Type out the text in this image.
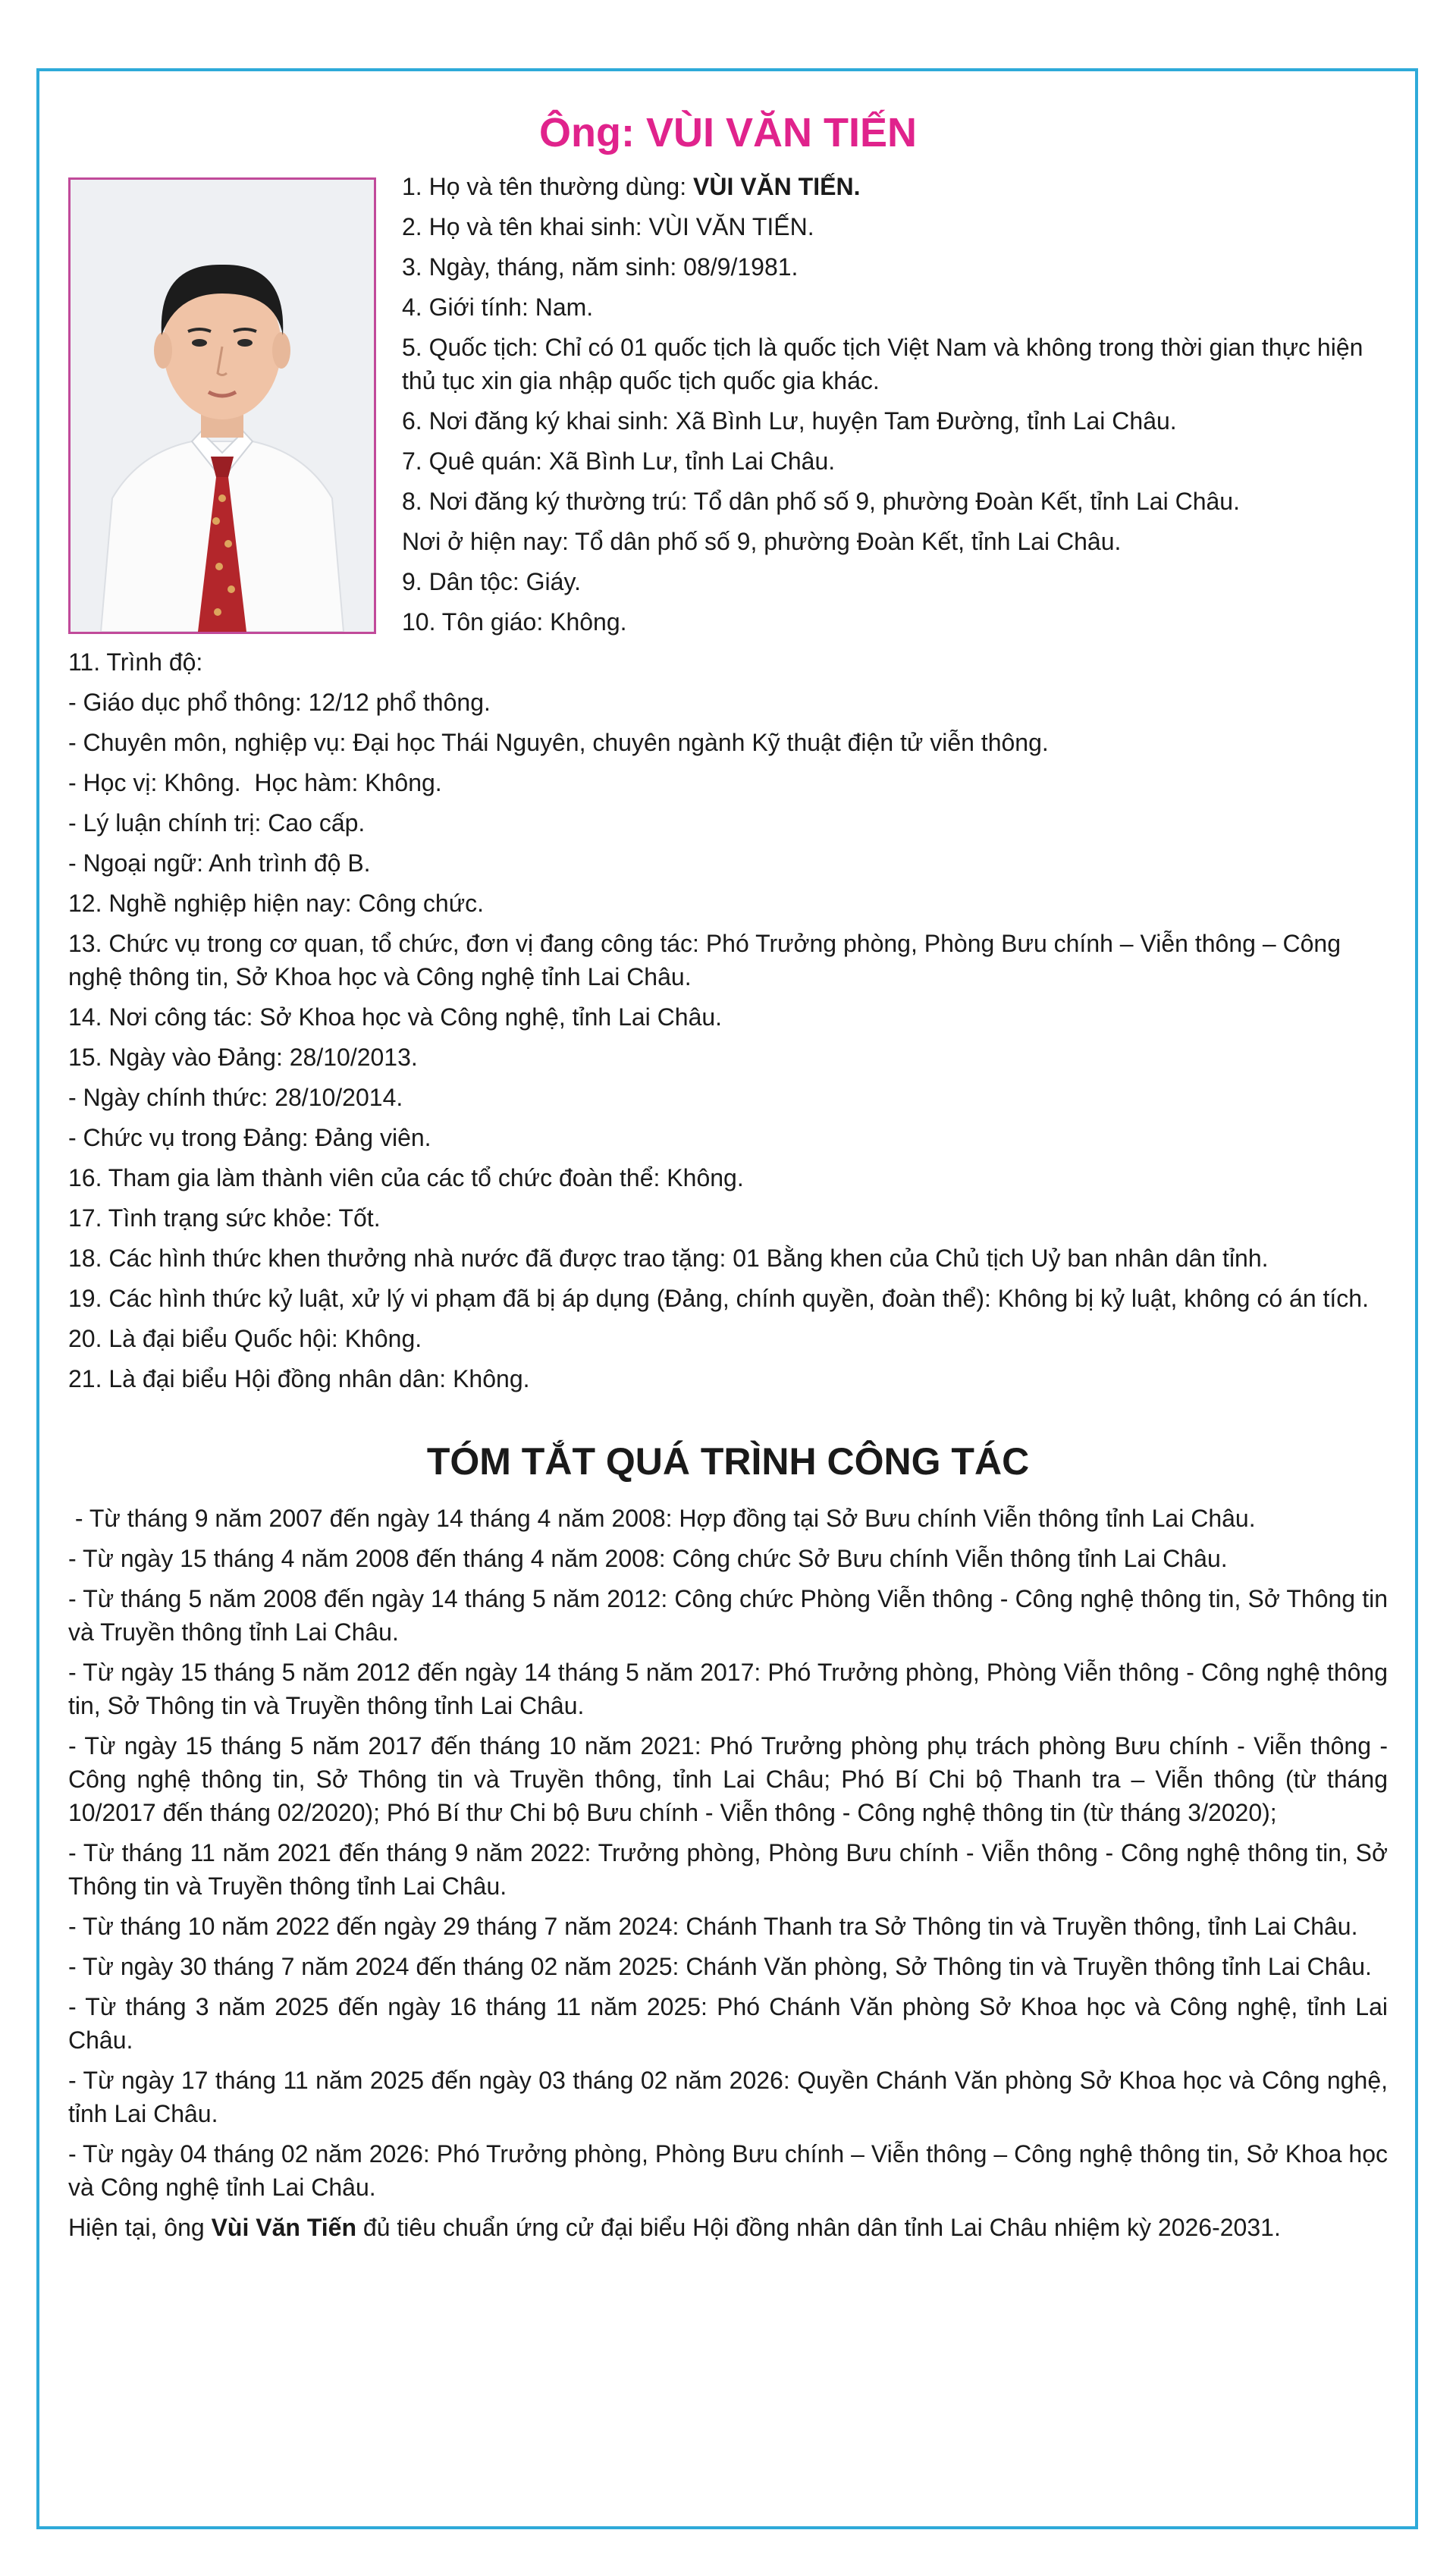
Ông: VÙI VĂN TIẾN
1. Họ và tên thường dùng: VÙI VĂN TIẾN.
2. Họ và tên khai sinh: VÙI VĂN TIẾN.
3. Ngày, tháng, năm sinh: 08/9/1981.
4. Giới tính: Nam.
5. Quốc tịch: Chỉ có 01 quốc tịch là quốc tịch Việt Nam và không trong thời gian thực hiện thủ tục xin gia nhập quốc tịch quốc gia khác.
6. Nơi đăng ký khai sinh: Xã Bình Lư, huyện Tam Đường, tỉnh Lai Châu.
7. Quê quán: Xã Bình Lư, tỉnh Lai Châu.
8. Nơi đăng ký thường trú: Tổ dân phố số 9, phường Đoàn Kết, tỉnh Lai Châu.
Nơi ở hiện nay: Tổ dân phố số 9, phường Đoàn Kết, tỉnh Lai Châu.
9. Dân tộc: Giáy.
10. Tôn giáo: Không.
11. Trình độ:
- Giáo dục phổ thông: 12/12 phổ thông.
- Chuyên môn, nghiệp vụ: Đại học Thái Nguyên, chuyên ngành Kỹ thuật điện tử viễn thông.
- Học vị: Không.  Học hàm: Không.
- Lý luận chính trị: Cao cấp.
- Ngoại ngữ: Anh trình độ B.
12. Nghề nghiệp hiện nay: Công chức.
13. Chức vụ trong cơ quan, tổ chức, đơn vị đang công tác: Phó Trưởng phòng, Phòng Bưu chính – Viễn thông – Công nghệ thông tin, Sở Khoa học và Công nghệ tỉnh Lai Châu.
14. Nơi công tác: Sở Khoa học và Công nghệ, tỉnh Lai Châu.
15. Ngày vào Đảng: 28/10/2013.
- Ngày chính thức: 28/10/2014.
- Chức vụ trong Đảng: Đảng viên.
16. Tham gia làm thành viên của các tổ chức đoàn thể: Không.
17. Tình trạng sức khỏe: Tốt.
18. Các hình thức khen thưởng nhà nước đã được trao tặng: 01 Bằng khen của Chủ tịch Uỷ ban nhân dân tỉnh.
19. Các hình thức kỷ luật, xử lý vi phạm đã bị áp dụng (Đảng, chính quyền, đoàn thể): Không bị kỷ luật, không có án tích.
20. Là đại biểu Quốc hội: Không.
21. Là đại biểu Hội đồng nhân dân: Không.
TÓM TẮT QUÁ TRÌNH CÔNG TÁC
- Từ tháng 9 năm 2007 đến ngày 14 tháng 4 năm 2008: Hợp đồng tại Sở Bưu chính Viễn thông tỉnh Lai Châu.
- Từ ngày 15 tháng 4 năm 2008 đến tháng 4 năm 2008: Công chức Sở Bưu chính Viễn thông tỉnh Lai Châu.
- Từ tháng 5 năm 2008 đến ngày 14 tháng 5 năm 2012: Công chức Phòng Viễn thông - Công nghệ thông tin, Sở Thông tin và Truyền thông tỉnh Lai Châu.
- Từ ngày 15 tháng 5 năm 2012 đến ngày 14 tháng 5 năm 2017: Phó Trưởng phòng, Phòng Viễn thông - Công nghệ thông tin, Sở Thông tin và Truyền thông tỉnh Lai Châu.
- Từ ngày 15 tháng 5 năm 2017 đến tháng 10 năm 2021: Phó Trưởng phòng phụ trách phòng Bưu chính - Viễn thông - Công nghệ thông tin, Sở Thông tin và Truyền thông, tỉnh Lai Châu; Phó Bí Chi bộ Thanh tra – Viễn thông (từ tháng 10/2017 đến tháng 02/2020); Phó Bí thư Chi bộ Bưu chính - Viễn thông - Công nghệ thông tin (từ tháng 3/2020);
- Từ tháng 11 năm 2021 đến tháng 9 năm 2022: Trưởng phòng, Phòng Bưu chính - Viễn thông - Công nghệ thông tin, Sở Thông tin và Truyền thông tỉnh Lai Châu.
- Từ tháng 10 năm 2022 đến ngày 29 tháng 7 năm 2024: Chánh Thanh tra Sở Thông tin và Truyền thông, tỉnh Lai Châu.
- Từ ngày 30 tháng 7 năm 2024 đến tháng 02 năm 2025: Chánh Văn phòng, Sở Thông tin và Truyền thông tỉnh Lai Châu.
- Từ tháng 3 năm 2025 đến ngày 16 tháng 11 năm 2025: Phó Chánh Văn phòng Sở Khoa học và Công nghệ, tỉnh Lai Châu.
- Từ ngày 17 tháng 11 năm 2025 đến ngày 03 tháng 02 năm 2026: Quyền Chánh Văn phòng Sở Khoa học và Công nghệ, tỉnh Lai Châu.
- Từ ngày 04 tháng 02 năm 2026: Phó Trưởng phòng, Phòng Bưu chính – Viễn thông – Công nghệ thông tin, Sở Khoa học và Công nghệ tỉnh Lai Châu.
Hiện tại, ông Vùi Văn Tiến đủ tiêu chuẩn ứng cử đại biểu Hội đồng nhân dân tỉnh Lai Châu nhiệm kỳ 2026-2031.
